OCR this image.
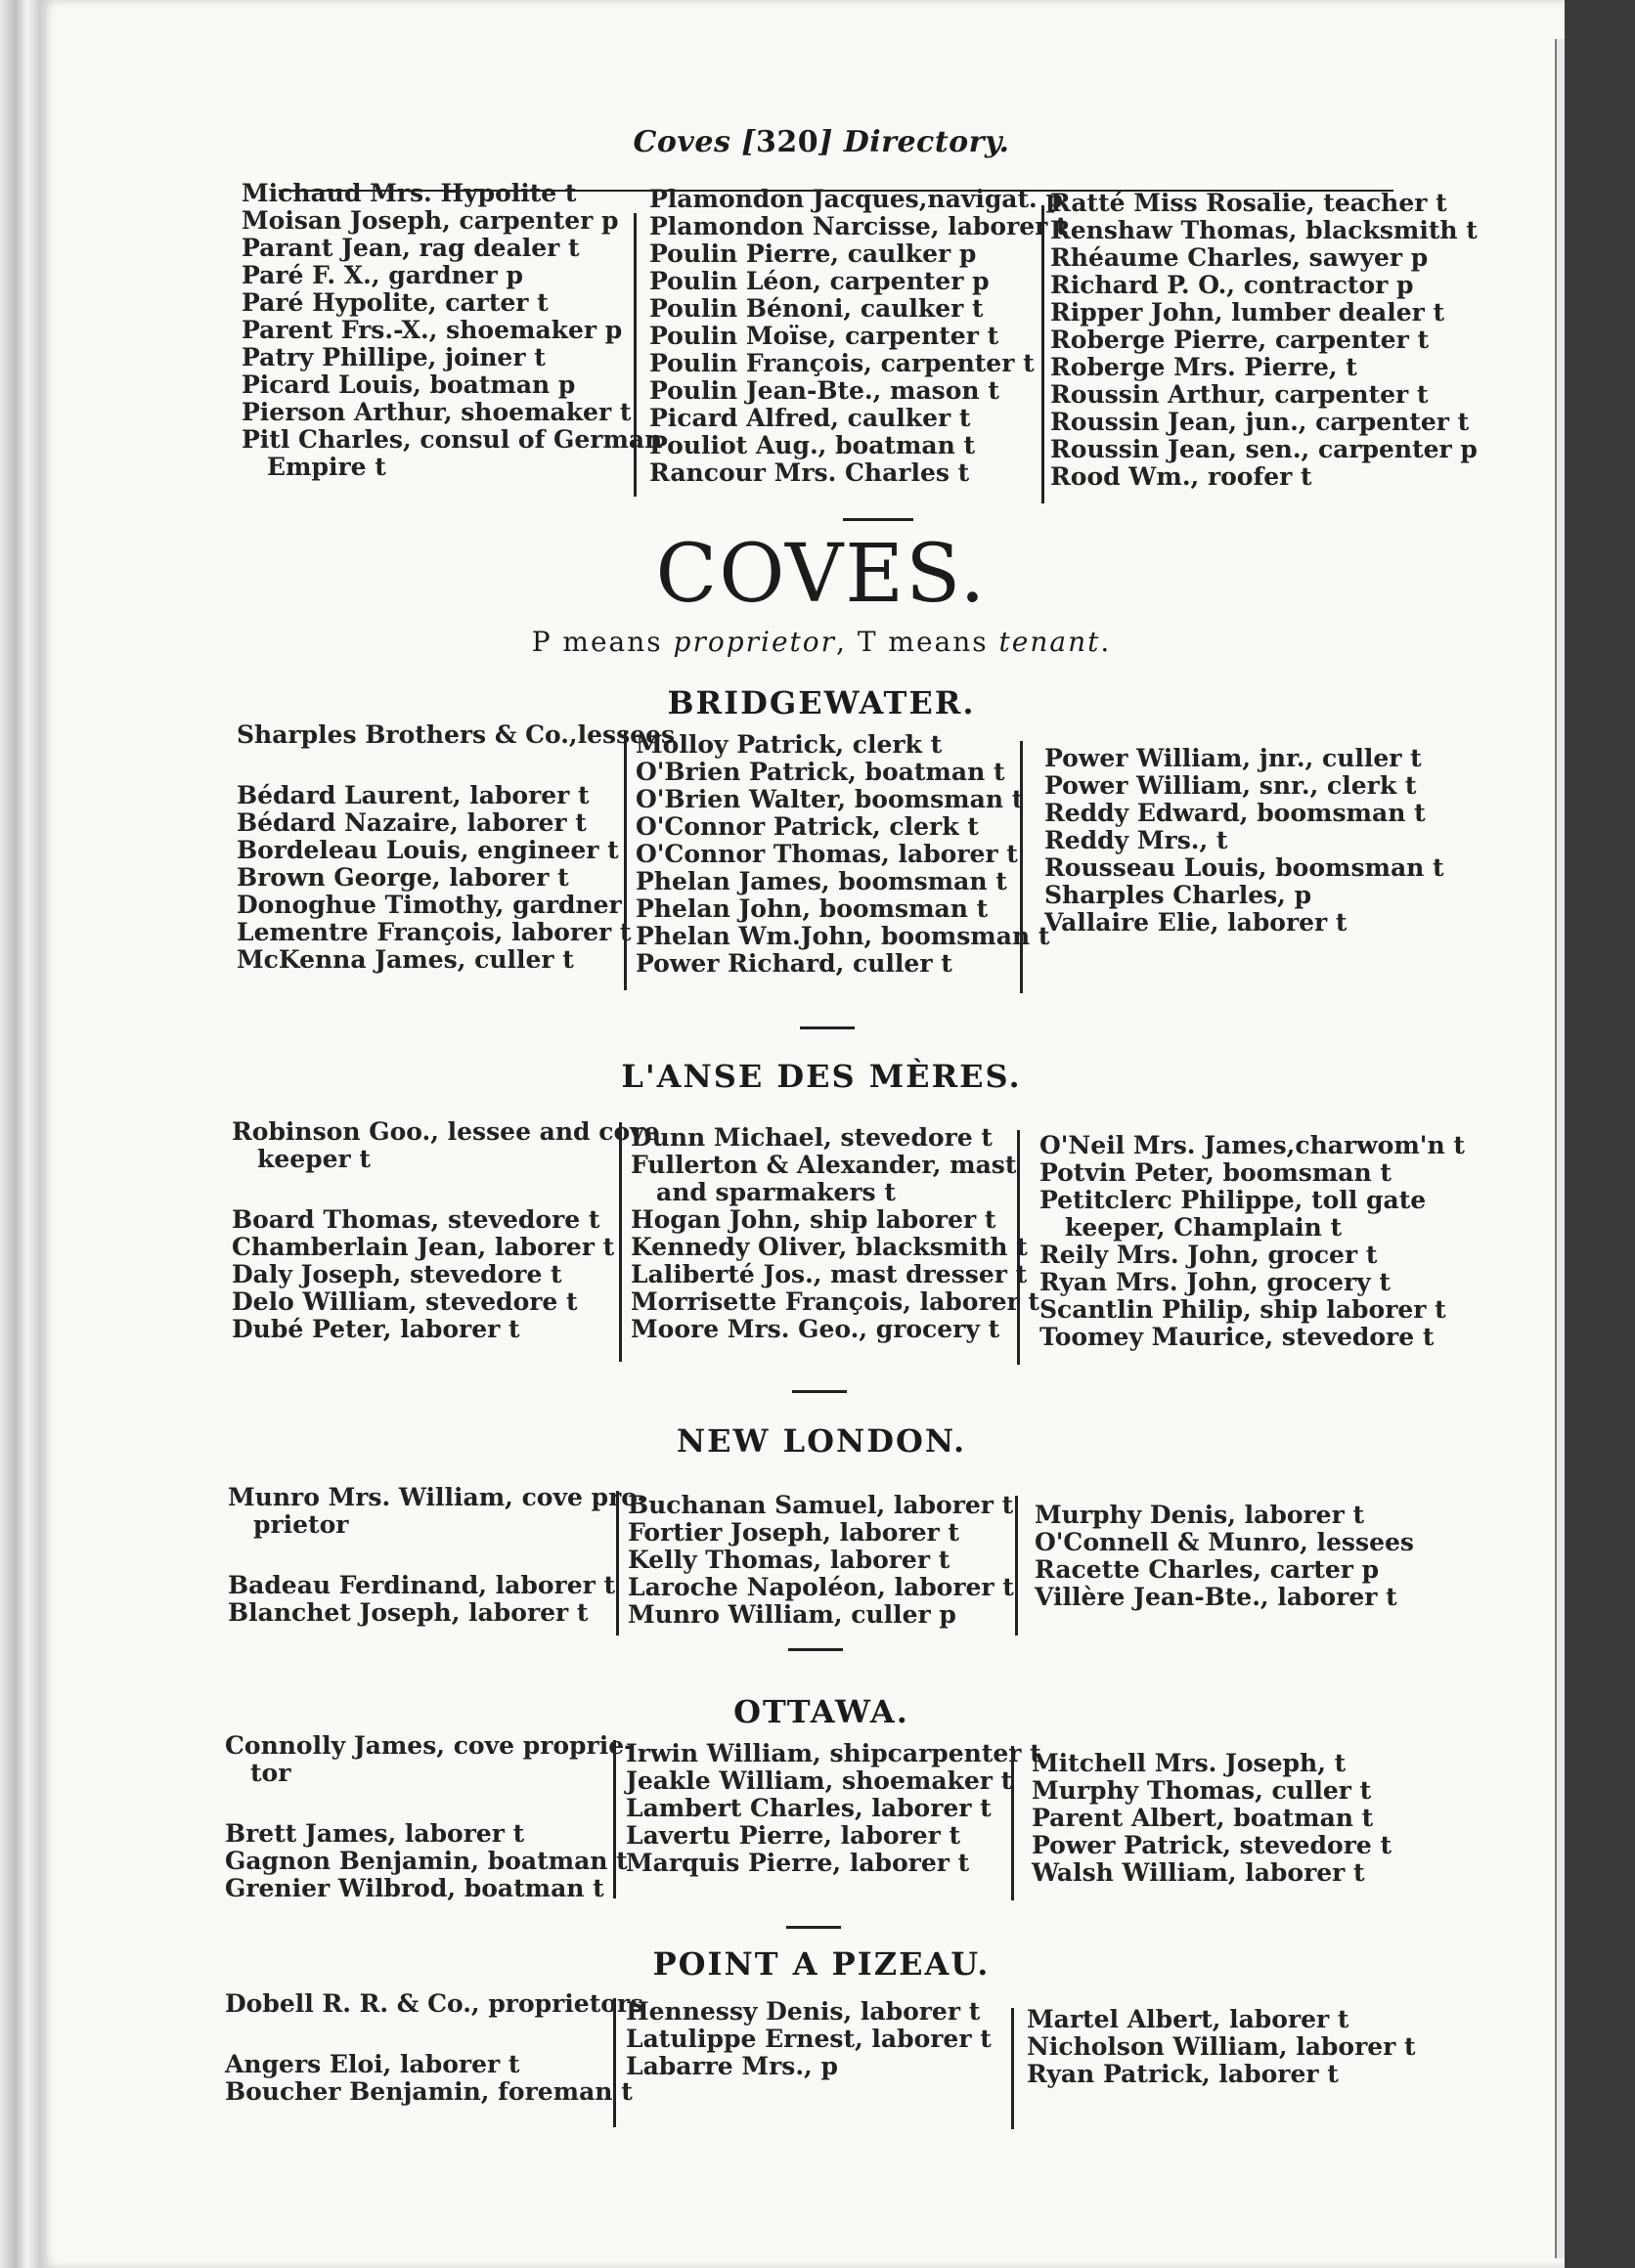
Coves [320] Directory.
Michaud Mrs. Hypolite t
Moisan Joseph, carpenter p
Parant Jean, rag dealer t
Paré F. X., gardner p
Paré Hypolite, carter t
Parent Frs.-X., shoemaker p
Patry Phillipe, joiner t
Picard Louis, boatman p
Pierson Arthur, shoemaker t
Pitl Charles, consul of German
Empire t
Plamondon Jacques,navigat. p
Plamondon Narcisse, laborer t
Poulin Pierre, caulker p
Poulin Léon, carpenter p
Poulin Bénoni, caulker t
Poulin Moïse, carpenter t
Poulin François, carpenter t
Poulin Jean-Bte., mason t
Picard Alfred, caulker t
Pouliot Aug., boatman t
Rancour Mrs. Charles t
Ratté Miss Rosalie, teacher t
Renshaw Thomas, blacksmith t
Rhéaume Charles, sawyer p
Richard P. O., contractor p
Ripper John, lumber dealer t
Roberge Pierre, carpenter t
Roberge Mrs. Pierre, t
Roussin Arthur, carpenter t
Roussin Jean, jun., carpenter t
Roussin Jean, sen., carpenter p
Rood Wm., roofer t
COVES.
P means proprietor, T means tenant.
BRIDGEWATER.
Sharples Brothers & Co.,lessees
Bédard Laurent, laborer t
Bédard Nazaire, laborer t
Bordeleau Louis, engineer t
Brown George, laborer t
Donoghue Timothy, gardner
Lementre François, laborer t
McKenna James, culler t
Molloy Patrick, clerk t
O'Brien Patrick, boatman t
O'Brien Walter, boomsman t
O'Connor Patrick, clerk t
O'Connor Thomas, laborer t
Phelan James, boomsman t
Phelan John, boomsman t
Phelan Wm.John, boomsman t
Power Richard, culler t
Power William, jnr., culler t
Power William, snr., clerk t
Reddy Edward, boomsman t
Reddy Mrs., t
Rousseau Louis, boomsman t
Sharples Charles, p
Vallaire Elie, laborer t
L'ANSE DES MÈRES.
Robinson Goo., lessee and cove
keeper t
Board Thomas, stevedore t
Chamberlain Jean, laborer t
Daly Joseph, stevedore t
Delo William, stevedore t
Dubé Peter, laborer t
Dunn Michael, stevedore t
Fullerton & Alexander, mast
and sparmakers t
Hogan John, ship laborer t
Kennedy Oliver, blacksmith t
Laliberté Jos., mast dresser t
Morrisette François, laborer t
Moore Mrs. Geo., grocery t
O'Neil Mrs. James,charwom'n t
Potvin Peter, boomsman t
Petitclerc Philippe, toll gate
keeper, Champlain t
Reily Mrs. John, grocer t
Ryan Mrs. John, grocery t
Scantlin Philip, ship laborer t
Toomey Maurice, stevedore t
NEW LONDON.
Munro Mrs. William, cove pro-
prietor
Badeau Ferdinand, laborer t
Blanchet Joseph, laborer t
Buchanan Samuel, laborer t
Fortier Joseph, laborer t
Kelly Thomas, laborer t
Laroche Napoléon, laborer t
Munro William, culler p
Murphy Denis, laborer t
O'Connell & Munro, lessees
Racette Charles, carter p
Villère Jean-Bte., laborer t
OTTAWA.
Connolly James, cove proprie-
tor
Brett James, laborer t
Gagnon Benjamin, boatman t
Grenier Wilbrod, boatman t
Irwin William, shipcarpenter t
Jeakle William, shoemaker t
Lambert Charles, laborer t
Lavertu Pierre, laborer t
Marquis Pierre, laborer t
Mitchell Mrs. Joseph, t
Murphy Thomas, culler t
Parent Albert, boatman t
Power Patrick, stevedore t
Walsh William, laborer t
POINT A PIZEAU.
Dobell R. R. & Co., proprietors
Angers Eloi, laborer t
Boucher Benjamin, foreman t
Hennessy Denis, laborer t
Latulippe Ernest, laborer t
Labarre Mrs., p
Martel Albert, laborer t
Nicholson William, laborer t
Ryan Patrick, laborer t
